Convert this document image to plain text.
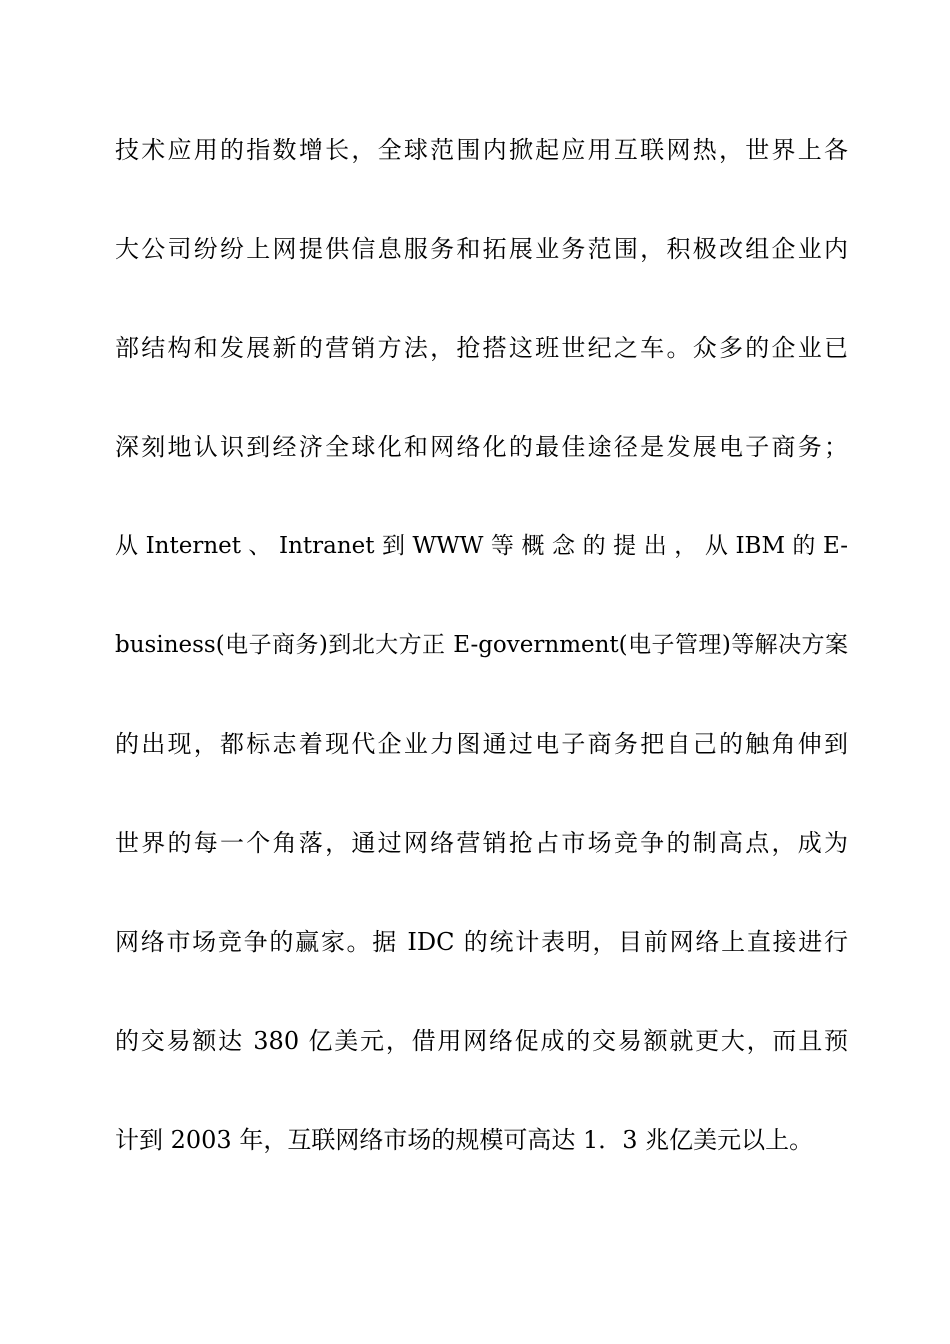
技术应用的指数增长，全球范围内掀起应用互联网热，世界上各
大公司纷纷上网提供信息服务和拓展业务范围，积极改组企业内
部结构和发展新的营销方法，抢搭这班世纪之车。众多的企业已
深刻地认识到经济全球化和网络化的最佳途径是发展电子商务；
从 Internet 、 Intranet 到 WWW 等 概 念 的 提 出 ， 从 IBM 的 E-
business(电子商务)到北大方正 E-government(电子管理)等解决方案
的出现，都标志着现代企业力图通过电子商务把自己的触角伸到
世界的每一个角落，通过网络营销抢占市场竞争的制高点，成为
网络市场竞争的赢家。据 IDC 的统计表明，目前网络上直接进行
的交易额达 380 亿美元，借用网络促成的交易额就更大，而且预
计到 2003 年，互联网络市场的规模可高达 1．3 兆亿美元以上。
